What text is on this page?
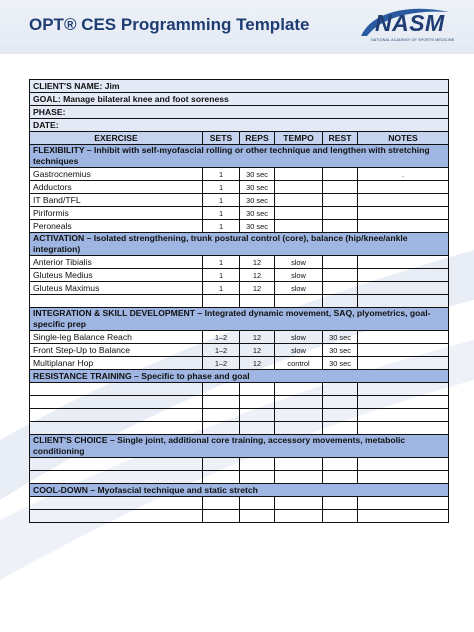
OPT® CES Programming Template	NASM
NATIONAL ACADEMY OF SPORTS MEDICINE
CLIENT'S NAME: Jim					
GOAL: Manage bilateral knee and foot soreness					
PHASE:					
DATE:					
EXERCISE	SETS	REPS	TEMPO	REST	NOTES
FLEXIBILITY – Inhibit with self-myofascial rolling or other technique and lengthen with stretching techniques					
Gastrocnemius	1	30 sec			.
Adductors	1	30 sec			
IT Band/TFL	1	30 sec			
Piriformis	1	30 sec			
Peroneals	1	30 sec			
ACTIVATION – Isolated strengthening, trunk postural control (core), balance (hip/knee/ankle integration)					
Anterior Tibialis	1	12	slow		
Gluteus Medius	1	12	slow		
Gluteus Maximus	1	12	slow		

INTEGRATION & SKILL DEVELOPMENT – Integrated dynamic movement, SAQ, plyometrics, goal-specific prep					
Single-leg Balance Reach	1–2	12	slow	30 sec	
Front Step-Up to Balance	1–2	12	slow	30 sec	
Multiplanar Hop	1–2	12	control	30 sec	
RESISTANCE TRAINING – Specific to phase and goal					

CLIENT'S CHOICE – Single joint, additional core training, accessory movements, metabolic conditioning					

COOL-DOWN – Myofascial technique and static stretch					
